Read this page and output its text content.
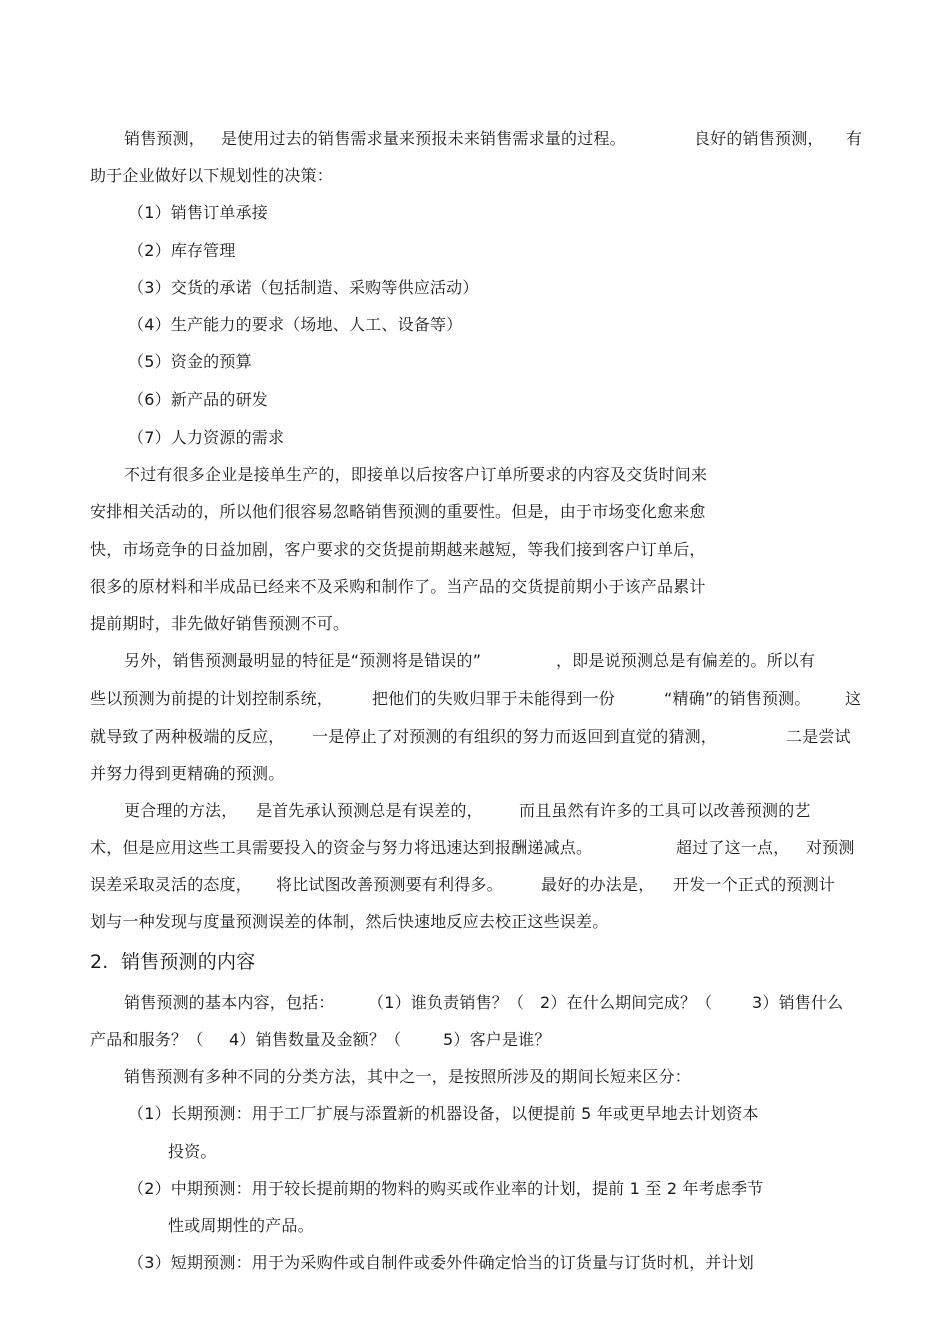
销售预测，   是使用过去的销售需求量来预报未来销售需求量的过程。	良好的销售预测， 有
助于企业做好以下规划性的决策：
（1）销售订单承接
（2）库存管理
（3）交货的承诺（包括制造、采购等供应活动）
（4）生产能力的要求（场地、人工、设备等）
（5）资金的预算
（6）新产品的研发
（7）人力资源的需求
不过有很多企业是接单生产的，即接单以后按客户订单所要求的内容及交货时间来
安排相关活动的，所以他们很容易忽略销售预测的重要性。但是，由于市场变化愈来愈
快，市场竞争的日益加剧，客户要求的交货提前期越来越短，等我们接到客户订单后，
很多的原材料和半成品已经来不及采购和制作了。当产品的交货提前期小于该产品累计
提前期时，非先做好销售预测不可。
另外，销售预测最明显的特征是“预测将是错误的”	，即是说预测总是有偏差的。所以有
些以预测为前提的计划控制系统， 把他们的失败归罪于未能得到一份	“精确”的销售预测。 这
就导致了两种极端的反应， 一是停止了对预测的有组织的努力而返回到直觉的猜测，	二是尝试
并努力得到更精确的预测。
更合理的方法， 是首先承认预测总是有误差的， 而且虽然有许多的工具可以改善预测的艺
术，但是应用这些工具需要投入的资金与努力将迅速达到报酬递减点。	超过了这一点， 对预测
误差采取灵活的态度， 将比试图改善预测要有利得多。 最好的办法是， 开发一个正式的预测计
划与一种发现与度量预测误差的体制，然后快速地反应去校正这些误差。
2.  销售预测的内容
销售预测的基本内容，包括： （1）谁负责销售？（ 2）在什么期间完成？（ 3）销售什么
产品和服务？（ 4）销售数量及金额？（	5）客户是谁？
销售预测有多种不同的分类方法，其中之一，是按照所涉及的期间长短来区分：
（1）长期预测：用于工厂扩展与添置新的机器设备，以便提前 5 年或更早地去计划资本
投资。
（2）中期预测：用于较长提前期的物料的购买或作业率的计划，提前 1 至 2 年考虑季节
性或周期性的产品。
（3）短期预测：用于为采购件或自制件或委外件确定恰当的订货量与订货时机，并计划
